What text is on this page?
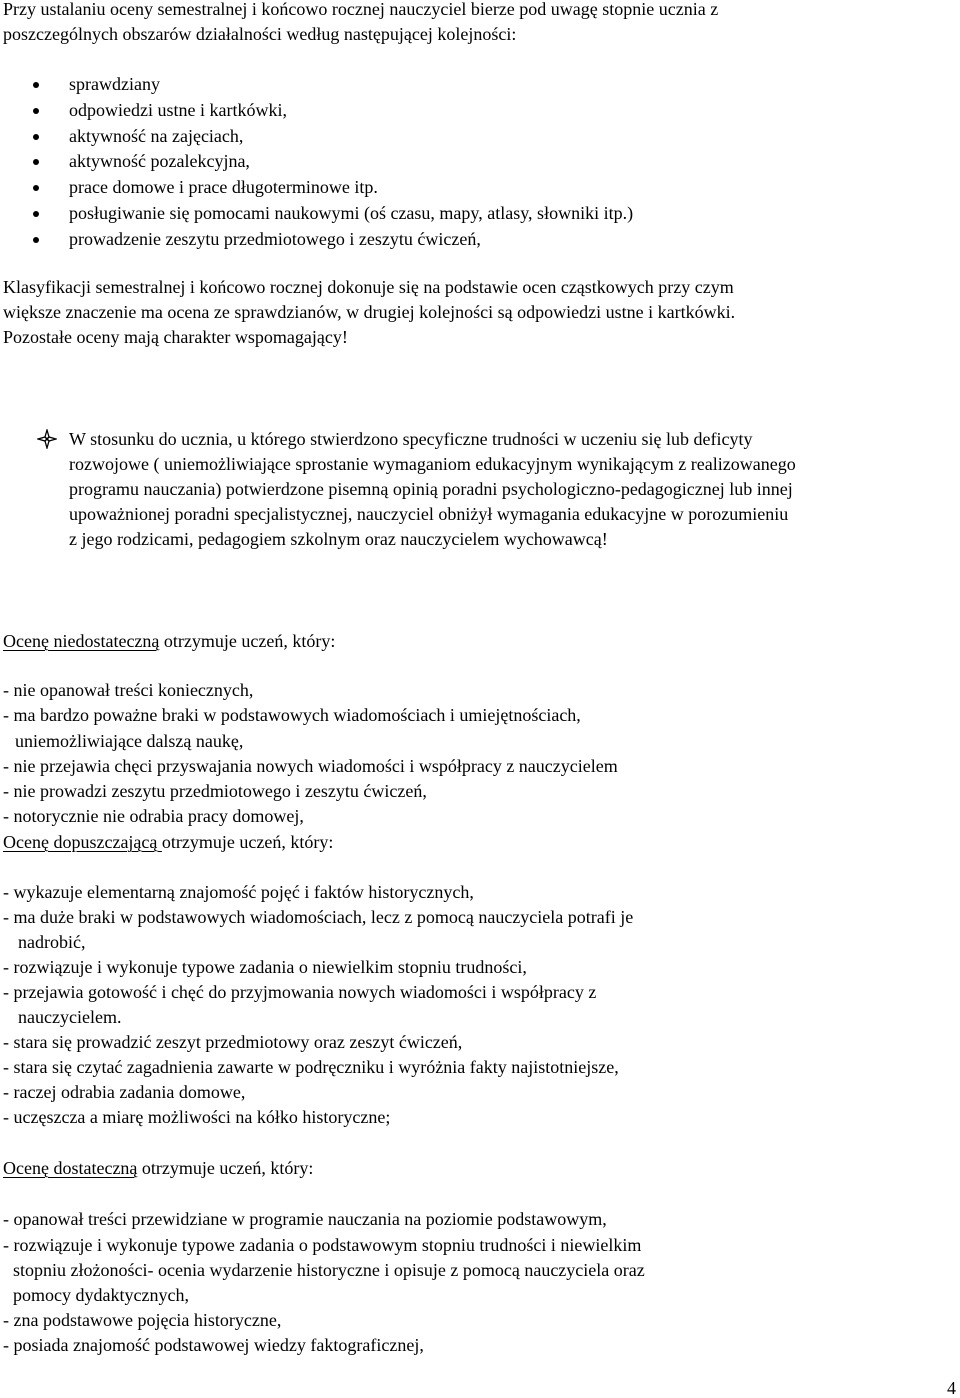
Przy ustalaniu oceny semestralnej i końcowo rocznej nauczyciel bierze pod uwagę stopnie ucznia z

poszczególnych obszarów działalności według następującej kolejności:

sprawdziany
odpowiedzi ustne i kartkówki,
aktywność na zajęciach,
aktywność pozalekcyjna,
prace domowe i prace długoterminowe itp.
posługiwanie się pomocami naukowymi (oś czasu, mapy, atlasy, słowniki itp.)
prowadzenie zeszytu przedmiotowego i zeszytu ćwiczeń,

Klasyfikacji semestralnej i końcowo rocznej dokonuje się na podstawie ocen cząstkowych przy czym

większe znaczenie ma ocena ze sprawdzianów, w drugiej kolejności są odpowiedzi ustne i kartkówki.

Pozostałe oceny mają charakter wspomagający!

W stosunku do ucznia, u którego stwierdzono specyficzne trudności w uczeniu się lub deficyty

rozwojowe ( uniemożliwiające sprostanie wymaganiom edukacyjnym wynikającym z realizowanego

programu nauczania) potwierdzone pisemną opinią poradni psychologiczno-pedagogicznej lub innej

upoważnionej poradni specjalistycznej, nauczyciel obniżył wymagania edukacyjne w porozumieniu

z jego rodzicami, pedagogiem szkolnym oraz nauczycielem wychowawcą!

Ocenę niedostateczną otrzymuje uczeń, który:
- nie opanował treści koniecznych,
- ma bardzo poważne braki w podstawowych wiadomościach i umiejętnościach,
uniemożliwiające dalszą naukę,
- nie przejawia chęci przyswajania nowych wiadomości i współpracy z nauczycielem
- nie prowadzi zeszytu przedmiotowego i zeszytu ćwiczeń,
- notorycznie nie odrabia pracy domowej,
Ocenę dopuszczającą otrzymuje uczeń, który:
- wykazuje elementarną znajomość pojęć i faktów historycznych,
- ma duże braki w podstawowych wiadomościach, lecz z pomocą nauczyciela potrafi je
nadrobić,
- rozwiązuje i wykonuje typowe zadania o niewielkim stopniu trudności,
- przejawia gotowość i chęć do przyjmowania nowych wiadomości i współpracy z
nauczycielem.
- stara się prowadzić zeszyt przedmiotowy oraz zeszyt ćwiczeń,
- stara się czytać zagadnienia zawarte w podręczniku i wyróżnia fakty najistotniejsze,
- raczej odrabia zadania domowe,
- uczęszcza a miarę możliwości na kółko historyczne;
Ocenę dostateczną otrzymuje uczeń, który:
- opanował treści przewidziane w programie nauczania na poziomie podstawowym,
- rozwiązuje i wykonuje typowe zadania o podstawowym stopniu trudności i niewielkim
stopniu złożoności- ocenia wydarzenie historyczne i opisuje z pomocą nauczyciela oraz
pomocy dydaktycznych,
- zna podstawowe pojęcia historyczne,
- posiada znajomość podstawowej wiedzy faktograficznej,
4
